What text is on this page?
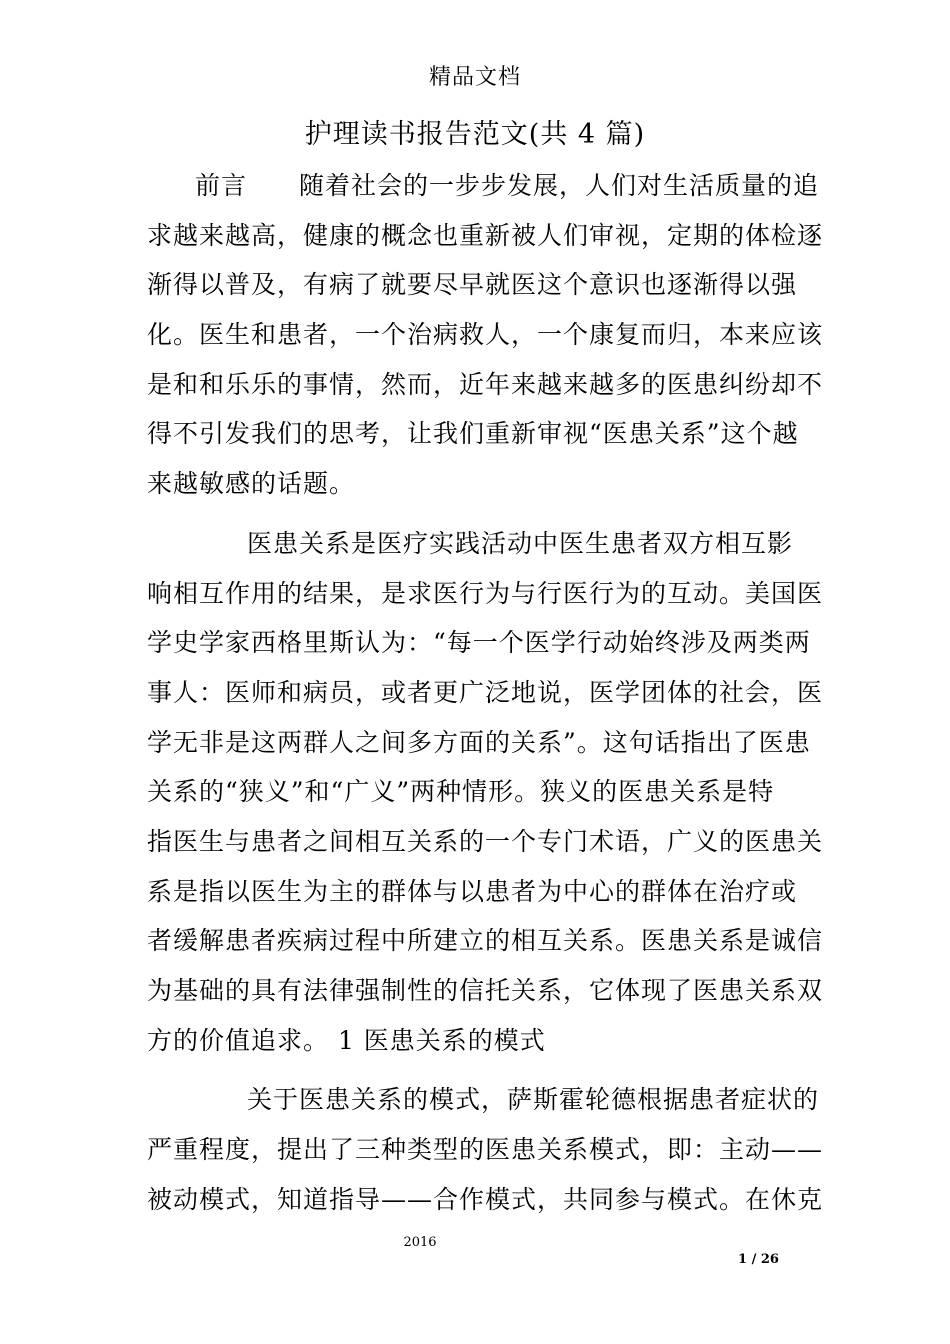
精品文档
护理读书报告范文(共 4 篇)
前言　　随着社会的一步步发展，人们对生活质量的追
求越来越高，健康的概念也重新被人们审视，定期的体检逐
渐得以普及，有病了就要尽早就医这个意识也逐渐得以强
化。医生和患者，一个治病救人，一个康复而归，本来应该
是和和乐乐的事情，然而，近年来越来越多的医患纠纷却不
得不引发我们的思考，让我们重新审视“医患关系”这个越
来越敏感的话题。
医患关系是医疗实践活动中医生患者双方相互影
响相互作用的结果，是求医行为与行医行为的互动。美国医
学史学家西格里斯认为：“每一个医学行动始终涉及两类两
事人：医师和病员，或者更广泛地说，医学团体的社会，医
学无非是这两群人之间多方面的关系”。这句话指出了医患
关系的“狭义”和“广义”两种情形。狭义的医患关系是特
指医生与患者之间相互关系的一个专门术语，广义的医患关
系是指以医生为主的群体与以患者为中心的群体在治疗或
者缓解患者疾病过程中所建立的相互关系。医患关系是诚信
为基础的具有法律强制性的信托关系，它体现了医患关系双
方的价值追求。 1 医患关系的模式
关于医患关系的模式，萨斯霍轮德根据患者症状的
严重程度，提出了三种类型的医患关系模式，即：主动——
被动模式，知道指导——合作模式，共同参与模式。在休克
2016
1 / 26
